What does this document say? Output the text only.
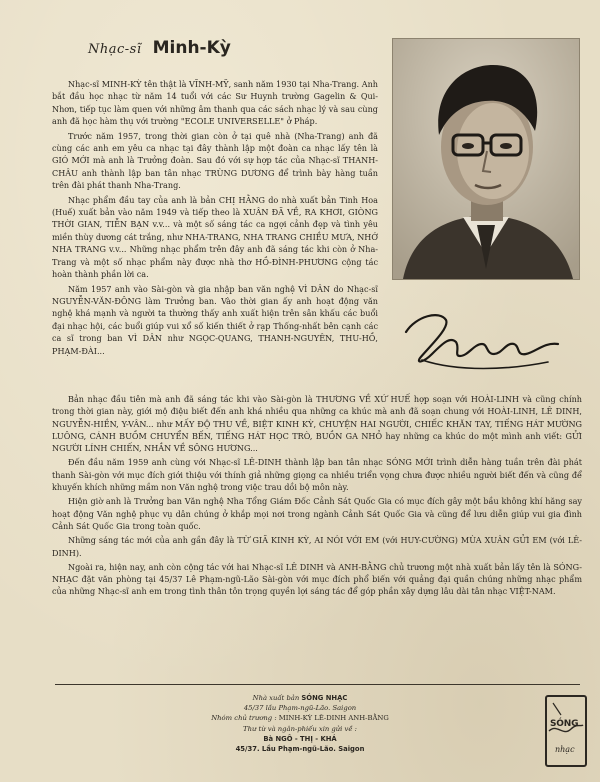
Nhạc-sĩ Minh-Kỳ

Nhạc-sĩ MINH-KỲ tên thật là VĨNH-MỸ, sanh năm 1930 tại Nha-Trang. Anh bắt đầu học nhạc từ năm 14 tuổi với các Sư Huynh trường Gagelin & Qui-Nhơn, tiếp tục làm quen với những âm thanh qua các sách nhạc lý và sau cùng anh đã học hàm thụ với trường "ECOLE UNIVERSELLE" ở Pháp.

Trước năm 1957, trong thời gian còn ở tại quê nhà (Nha-Trang) anh đã cùng các anh em yêu ca nhạc tại đây thành lập một đoàn ca nhạc lấy tên là GIÓ MỚI mà anh là Trưởng đoàn. Sau đó với sự hợp tác của Nhạc-sĩ THANH-CHÂU anh thành lập ban tân nhạc TRÙNG DƯƠNG để trình bày hàng tuần trên đài phát thanh Nha-Trang.

Nhạc phẩm đầu tay của anh là bản CHỊ HẰNG do nhà xuất bản Tinh Hoa (Huế) xuất bản vào năm 1949 và tiếp theo là XUÂN ĐÃ VỀ, RA KHƠI, GIÒNG THỜI GIAN, TIỄN BẠN v.v... và một số sáng tác ca ngợi cảnh đẹp và tình yêu miền thùy dương cát trắng, như NHA-TRANG, NHA TRANG CHIỀU MƯA, NHỚ NHA TRANG v.v... Những nhạc phẩm trên đây anh đã sáng tác khi còn ở Nha-Trang và một số nhạc phẩm này được nhà thơ HỒ-ĐÌNH-PHƯƠNG cộng tác hoàn thành phần lời ca.

Năm 1957 anh vào Sài-gòn và gia nhập ban văn nghệ VÌ DÂN do Nhạc-sĩ NGUYỄN-VĂN-ĐÔNG làm Trưởng ban. Vào thời gian ấy anh hoạt động văn nghệ khá mạnh và người ta thường thấy anh xuất hiện trên sân khấu các buổi đại nhạc hội, các buổi giúp vui xổ số kiến thiết ở rạp Thống-nhất bên cạnh các ca sĩ trong ban VÌ DÂN như NGỌC-QUANG, THANH-NGUYÊN, THU-HỒ, PHẠM-ĐÀI...

Bản nhạc đầu tiên mà anh đã sáng tác khi vào Sài-gòn là THƯƠNG VỀ XỨ HUẾ hợp soạn với HOÀI-LINH và cũng chính trong thời gian này, giới mộ điệu biết đến anh khá nhiều qua những ca khúc mà anh đã soạn chung với HOÀI-LINH, LÊ DINH, NGUYỄN-HIỀN, Y-VÂN... như MẤY ĐỘ THU VỀ, BIỆT KINH KỲ, CHUYỆN HAI NGƯỜI, CHIẾC KHĂN TAY, TIẾNG HÁT MƯỜNG LUÔNG, CÁNH BUỒM CHUYỂN BẾN, TIẾNG HÁT HỌC TRÒ, BUỒN GA NHỎ hay những ca khúc do một mình anh viết: GỬI NGƯỜI LÍNH CHIẾN, NHẮN VỀ SÔNG HƯƠNG...

Đến đầu năm 1959 anh cùng với Nhạc-sĩ LÊ-DINH thành lập ban tân nhạc SÓNG MỚI trình diễn hàng tuần trên đài phát thanh Sài-gòn với mục đích giới thiệu với thính giả những giọng ca nhiều triển vọng chưa được nhiều người biết đến và cũng để khuyến khích những mầm non Văn nghệ trong việc trau dồi bộ môn này.

Hiện giờ anh là Trưởng ban Văn nghệ Nha Tổng Giám Đốc Cảnh Sát Quốc Gia có mục đích gây một bầu không khí hăng say hoạt động Văn nghệ phục vụ dân chúng ở khắp mọi nơi trong ngành Cảnh Sát Quốc Gia và cũng để lưu diễn giúp vui gia đình Cảnh Sát Quốc Gia trong toàn quốc.

Những sáng tác mới của anh gần đây là TỪ GIÃ KINH KỲ, AI NÓI VỚI EM (với HUY-CƯỜNG) MÙA XUÂN GỬI EM (với LÊ-DINH).

Ngoài ra, hiện nay, anh còn cộng tác với hai Nhạc-sĩ LÊ DINH và ANH-BẰNG chủ trương một nhà xuất bản lấy tên là SÓNG-NHẠC đặt văn phòng tại 45/37 Lê Phạm-ngũ-Lão Sài-gòn với mục đích phổ biến với quảng đại quần chúng những nhạc phẩm của những Nhạc-sĩ anh em trong tình thân tôn trọng quyền lợi sáng tác để góp phần xây dựng lâu dài tân nhạc VIỆT-NAM.

Nhà xuất bản SÓNG NHẠC
45/37 lầu Phạm-ngũ-Lão. Saigon
Nhóm chủ trương : MINH-KỲ LÊ-DINH ANH-BẰNG
Thư từ và ngân-phiếu xin gửi về :
Bà NGÔ - THỊ - KHÁ
45/37. Lầu Phạm-ngũ-Lão. Saigon
SÓNG
nhạc
